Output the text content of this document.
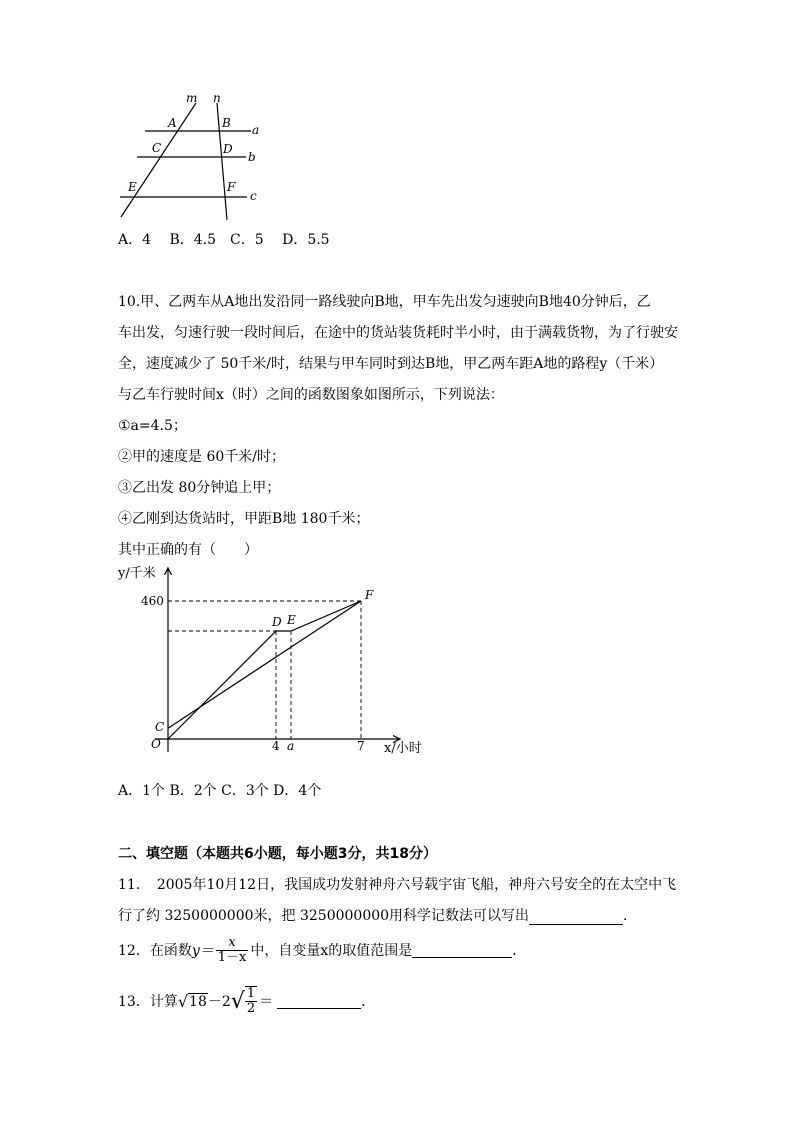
m n
A	B a
C	D
b
E	F
c
A．4　 B．4.5　C．5　 D．5.5
10.甲、乙两车从A地出发沿同一路线驶向B地，甲车先出发匀速驶向B地40分钟后，乙
车出发，匀速行驶一段时间后，在途中的货站装货耗时半小时，由于满载货物，为了行驶安
全，速度减少了 50千米/时，结果与甲车同时到达B地，甲乙两车距A地的路程y（千米）
与乙车行驶时间x（时）之间的函数图象如图所示，下列说法：
①a=4.5；
②甲的速度是 60千米/时；
③乙出发 80分钟追上甲；
④乙刚到达货站时，甲距B地 180千米；
其中正确的有（　　）
y/千米
x/小时
4 a	7
460
O
C
D E
F
A．1个 B．2个 C．3个 D．4个
二、填空题（本题共6小题，每小题3分，共18分）
11．　2005年10月12日，我国成功发射神舟六号载宇宙飞船，神舟六号安全的在太空中飞
行了约 3250000000米，把 3250000000用科学记数法可以写出	．
12．在函数 $y= \frac{x}{1-x}$ 中，自变量x的取值范围是	．
13．计算 √ 18 －2 √ $\frac{1}{2}$ ＝	．
